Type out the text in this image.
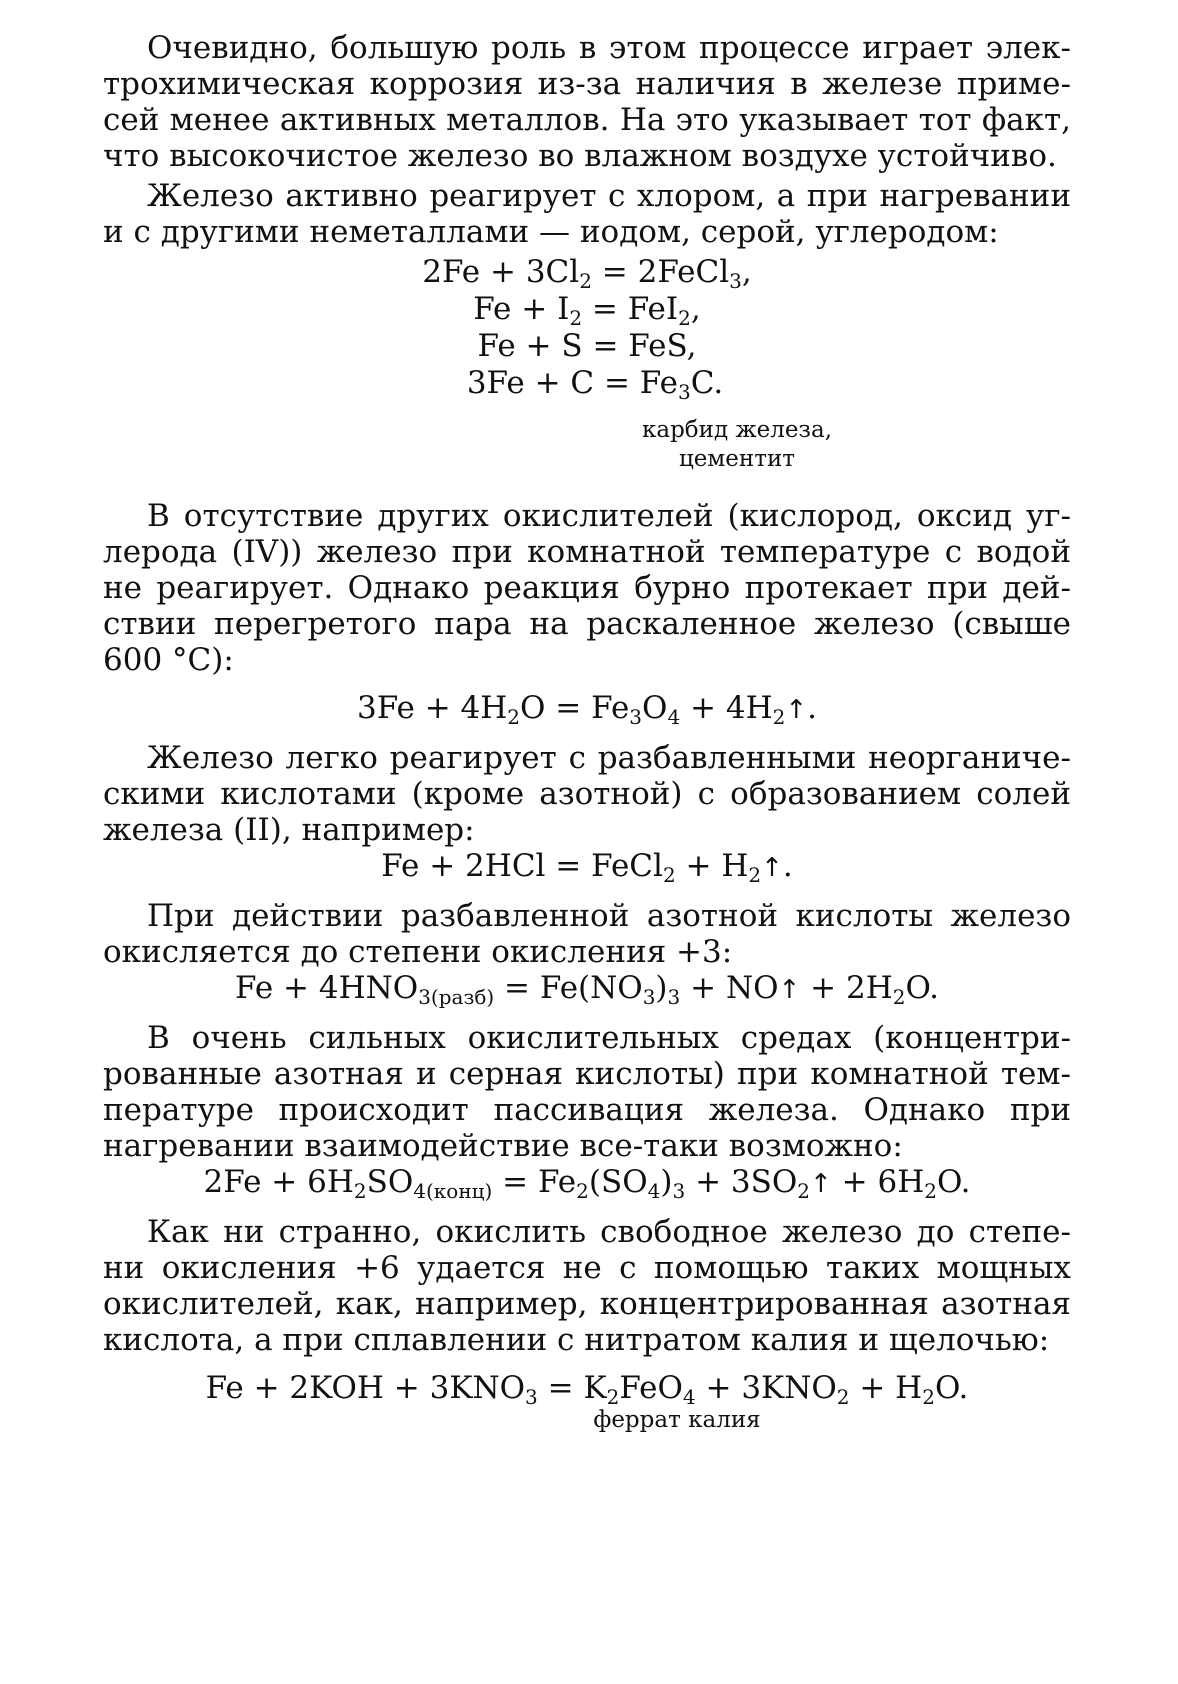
Очевидно, большую роль в этом процессе играет электрохимическая коррозия из-за наличия в железе примесей менее активных металлов. На это указывает тот факт, что высокочистое железо во влажном воздухе устойчиво.

Железо активно реагирует с хлором, а при нагревании и с другими неметаллами — иодом, серой, углеродом:

$2Fe + 3Cl_2$ = 2FeCl$_3$,

$Fe + I_2 = FeI_2$,

Fe + S = FeS,

$3Fe + C = Fe_3C$.

карбид железа,

цементит

В отсутствие других окислителей (кислород, оксид углерода (IV)) железо при комнатной температуре с водой не реагирует. Однако реакция бурно протекает при действии перегретого пара на раскаленное железо (свыше 600 °С):

$3Fe + 4H_2O = Fe_3O_4$ + $4H_2↑$.

Железо легко реагирует с разбавленными неорганическими кислотами (кроме азотной) с образованием солей железа (II), например:

Fe + 2HCl = FeCl$_2$ + $H_2↑$.

При действии разбавленной азотной кислоты железо окисляется до степени окисления +3:

$Fe + 4HNO_{3(разб)} = Fe(NO_3)_3$ + NO↑ + $2H_2O$.

В очень сильных окислительных средах (концентрированные азотная и серная кислоты) при комнатной температуре происходит пассивация железа. Однако при нагревании взаимодействие все-таки возможно:

$2Fe + 6H_2SO_{4(конц)} = Fe_2(SO_4)_3$ + $3SO_2↑ + 6H_2O$.

Как ни странно, окислить свободное железо до степени окисления +6 удается не с помощью таких мощных окислителей, как, например, концентрированная азотная кислота, а при сплавлении с нитратом калия и щелочью:

$Fe + 2KOH + 3KNO_3 = K_2FeO_4 + 3KNO_2 + H_2O$.

феррат калия
